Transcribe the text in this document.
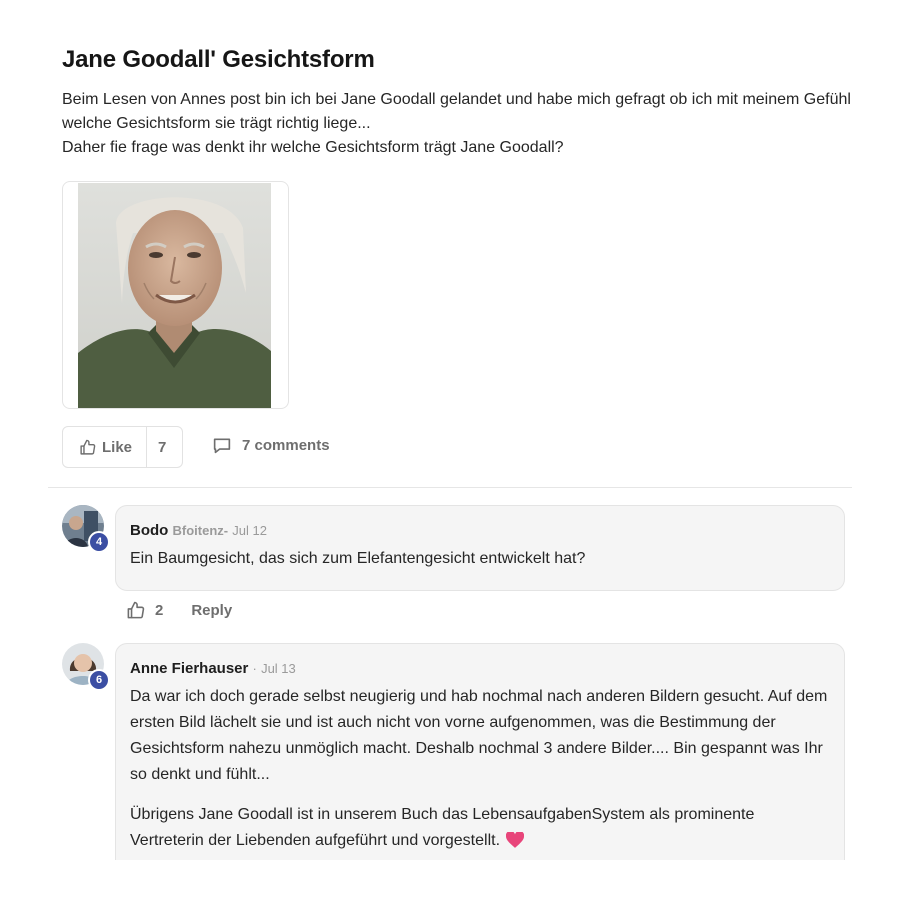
Jane Goodall' Gesichtsform

Beim Lesen von Annes post bin ich bei Jane Goodall gelandet und habe mich gefragt ob ich mit meinem Gefühl welche Gesichtsform sie trägt richtig liege...

Daher fie frage was denkt ihr welche Gesichtsform trägt Jane Goodall?

Like	7	7 comments
4
Bodo Bfoitenz- Jul 12

Ein Baumgesicht, das sich zum Elefantengesicht entwickelt hat?

2 Reply
6
Anne Fierhauser · Jul 13

Da war ich doch gerade selbst neugierig und hab nochmal nach anderen Bildern gesucht. Auf dem ersten Bild lächelt sie und ist auch nicht von vorne aufgenommen, was die Bestimmung der Gesichtsform nahezu unmöglich macht. Deshalb nochmal 3 andere Bilder.... Bin gespannt was Ihr so denkt und fühlt...

Übrigens Jane Goodall ist in unserem Buch das LebensaufgabenSystem als prominente Vertreterin der Liebenden aufgeführt und vorgestellt.
